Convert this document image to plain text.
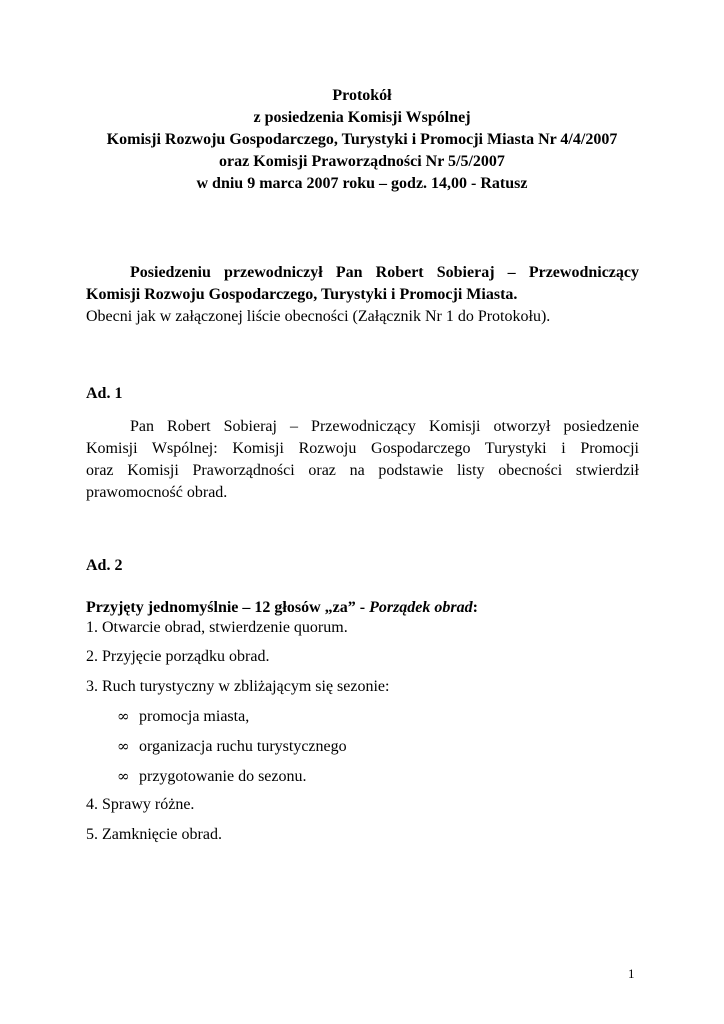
Protokół
z posiedzenia Komisji Wspólnej
Komisji Rozwoju Gospodarczego, Turystyki i Promocji Miasta Nr 4/4/2007
oraz Komisji Praworządności Nr 5/5/2007
w dniu 9 marca 2007 roku – godz. 14,00 - Ratusz
Posiedzeniu przewodniczył Pan Robert Sobieraj – Przewodniczący
Komisji Rozwoju Gospodarczego, Turystyki i Promocji Miasta.
Obecni jak w załączonej liście obecności (Załącznik Nr 1 do Protokołu).
Ad. 1
Pan Robert Sobieraj – Przewodniczący Komisji otworzył posiedzenie
Komisji Wspólnej: Komisji Rozwoju Gospodarczego Turystyki i Promocji
oraz Komisji Praworządności oraz na podstawie listy obecności stwierdził
prawomocność obrad.
Ad. 2
Przyjęty jednomyślnie – 12 głosów „za” - Porządek obrad:
1. Otwarcie obrad, stwierdzenie quorum.
2. Przyjęcie porządku obrad.
3. Ruch turystyczny w zbliżającym się sezonie:
∞ promocja miasta,
∞ organizacja ruchu turystycznego
∞ przygotowanie do sezonu.
4. Sprawy różne.
5. Zamknięcie obrad.
1
